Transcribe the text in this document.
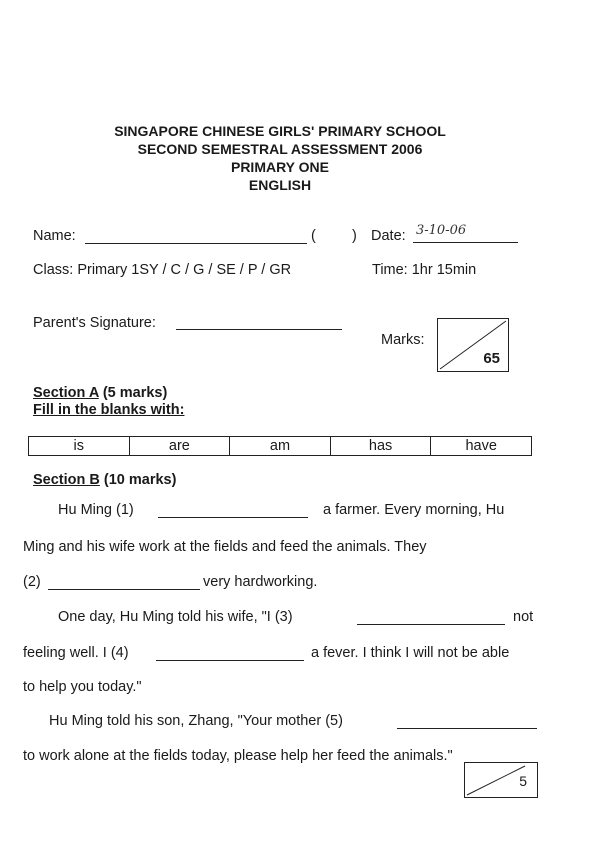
SINGAPORE CHINESE GIRLS' PRIMARY SCHOOL
SECOND SEMESTRAL ASSESSMENT 2006
PRIMARY ONE
ENGLISH
Name:	( ) Date: 3-10-06
Class: Primary 1SY / C / G / SE / P / GR	Time: 1hr 15min
Parent's Signature:
Marks:
65
Section A (5 marks)
Fill in the blanks with:
is	are	am	has	have
Section B (10 marks)
Hu Ming (1)	a farmer. Every morning, Hu
Ming and his wife work at the fields and feed the animals. They
(2)	very hardworking.
One day, Hu Ming told his wife, "I (3)	not
feeling well. I (4)	a fever. I think I will not be able
to help you today."
Hu Ming told his son, Zhang, "Your mother (5)
to work alone at the fields today, please help her feed the animals."
5
